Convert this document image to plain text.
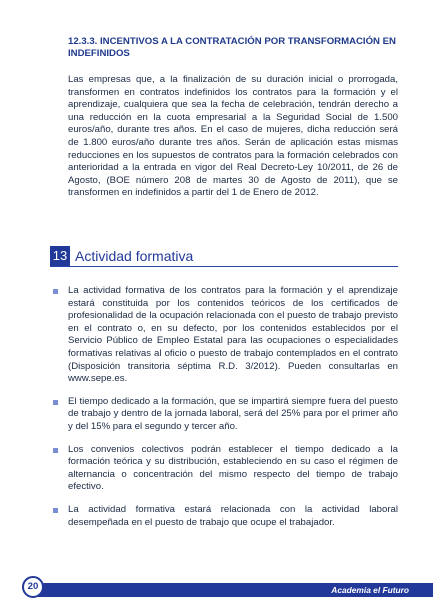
12.3.3. INCENTIVOS A LA CONTRATACIÓN POR TRANSFORMACIÓN EN INDEFINIDOS

Las empresas que, a la finalización de su duración inicial o prorrogada, transformen en contratos indefinidos los contratos para la formación y el aprendizaje, cualquiera que sea la fecha de celebración, tendrán derecho a una reducción en la cuota empresarial a la Seguridad Social de 1.500 euros/año, durante tres años. En el caso de mujeres, dicha reducción será de 1.800 euros/año durante tres años. Serán de aplicación estas mismas reducciones en los supuestos de contratos para la formación celebrados con anterioridad a la entrada en vigor del Real Decreto-Ley 10/2011, de 26 de Agosto, (BOE número 208 de martes 30 de Agosto de 2011), que se transformen en indefinidos a partir del 1 de Enero de 2012.

13 Actividad formativa
La actividad formativa de los contratos para la formación y el aprendizaje estará constituida por los contenidos teóricos de los certificados de profesionalidad de la ocupación relacionada con el puesto de trabajo previsto en el contrato o, en su defecto, por los contenidos establecidos por el Servicio Público de Empleo Estatal para las ocupaciones o especialidades formativas relativas al oficio o puesto de trabajo contemplados en el contrato (Disposición transitoria séptima R.D. 3/2012). Pueden consultarlas en www.sepe.es.
El tiempo dedicado a la formación, que se impartirá siempre fuera del puesto de trabajo y dentro de la jornada laboral, será del 25% para por el primer año y del 15% para el segundo y tercer año.
Los convenios colectivos podrán establecer el tiempo dedicado a la formación teórica y su distribución, estableciendo en su caso el régimen de alternancia o concentración del mismo respecto del tiempo de trabajo efectivo.
La actividad formativa estará relacionada con la actividad laboral desempeñada en el puesto de trabajo que ocupe el trabajador.
Academia el Futuro
20
